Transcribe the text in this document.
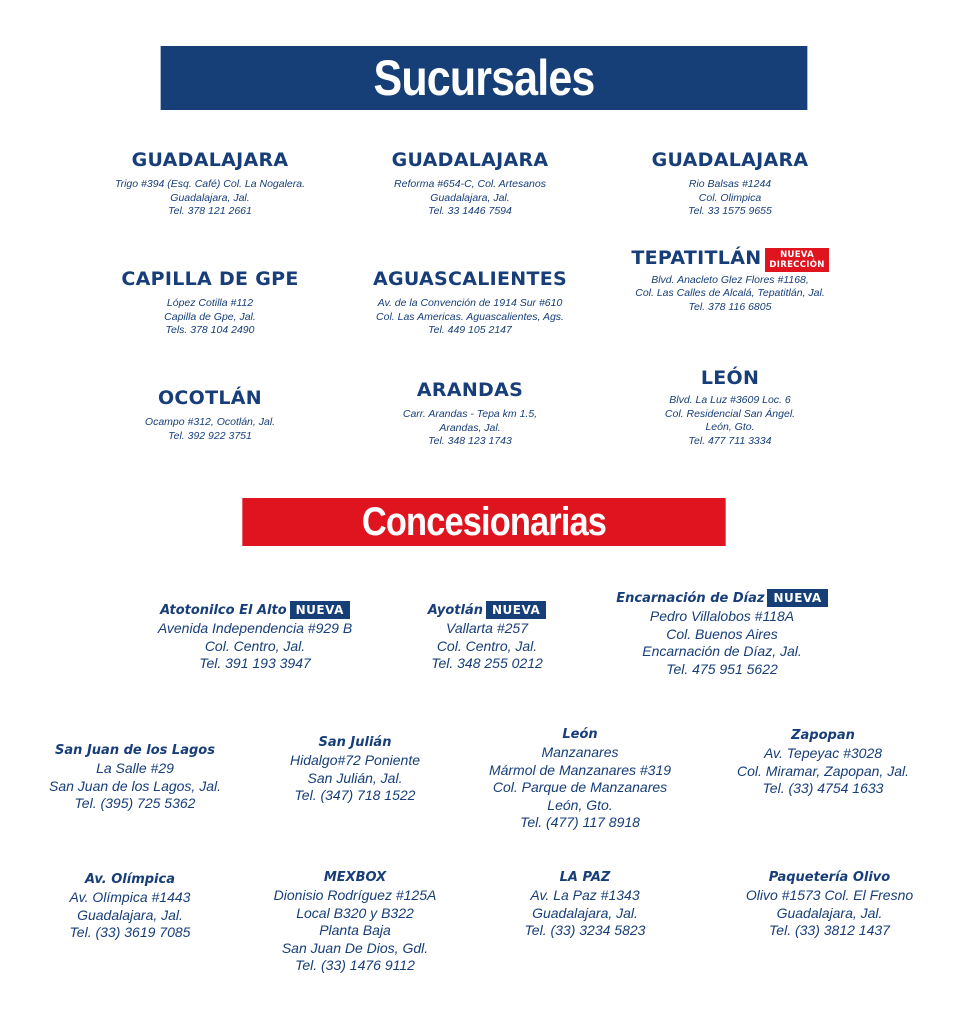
Sucursales
Concesionarias
GUADALAJARA
Trigo #394 (Esq. Café) Col. La Nogalera.
Guadalajara, Jal.
Tel. 378 121 2661
GUADALAJARA
Reforma #654-C, Col. Artesanos
Guadalajara, Jal.
Tel. 33 1446 7594
GUADALAJARA
Rio Balsas #1244
Col. Olimpica
Tel. 33 1575 9655
CAPILLA DE GPE
López Cotilla #112
Capilla de Gpe, Jal.
Tels. 378 104 2490
AGUASCALIENTES
Av. de la Convención de 1914 Sur #610
Col. Las Americas. Aguascalientes, Ags.
Tel. 449 105 2147
TEPATITLÁN NUEVA
DIRECCIÓN
Blvd. Anacleto Glez Flores #1168,
Col. Las Calles de Alcalá, Tepatitlán, Jal.
Tel. 378 116 6805
OCOTLÁN
Ocampo #312, Ocotlán, Jal.
Tel. 392 922 3751
ARANDAS
Carr. Arandas - Tepa km 1.5,
Arandas, Jal.
Tel. 348 123 1743
LEÓN
Blvd. La Luz #3609 Loc. 6
Col. Residencial San Ángel.
León, Gto.
Tel. 477 711 3334
Atotonilco El Alto NUEVA
Avenida Independencia #929 B
Col. Centro, Jal.
Tel. 391 193 3947
Ayotlán NUEVA
Vallarta #257
Col. Centro, Jal.
Tel. 348 255 0212
Encarnación de Díaz NUEVA
Pedro Villalobos #118A
Col. Buenos Aires
Encarnación de Díaz, Jal.
Tel. 475 951 5622
San Juan de los Lagos
La Salle #29
San Juan de los Lagos, Jal.
Tel. (395) 725 5362
San Julián
Hidalgo#72 Poniente
San Julián, Jal.
Tel. (347) 718 1522
León
Manzanares
Mármol de Manzanares #319
Col. Parque de Manzanares
León, Gto.
Tel. (477) 117 8918
Zapopan
Av. Tepeyac #3028
Col. Miramar, Zapopan, Jal.
Tel. (33) 4754 1633
Av. Olímpica
Av. Olímpica #1443
Guadalajara, Jal.
Tel. (33) 3619 7085
MEXBOX
Dionisio Rodríguez #125A
Local B320 y B322
Planta Baja
San Juan De Dios, Gdl.
Tel. (33) 1476 9112
LA PAZ
Av. La Paz #1343
Guadalajara, Jal.
Tel. (33) 3234 5823
Paquetería Olivo
Olivo #1573 Col. El Fresno
Guadalajara, Jal.
Tel. (33) 3812 1437
